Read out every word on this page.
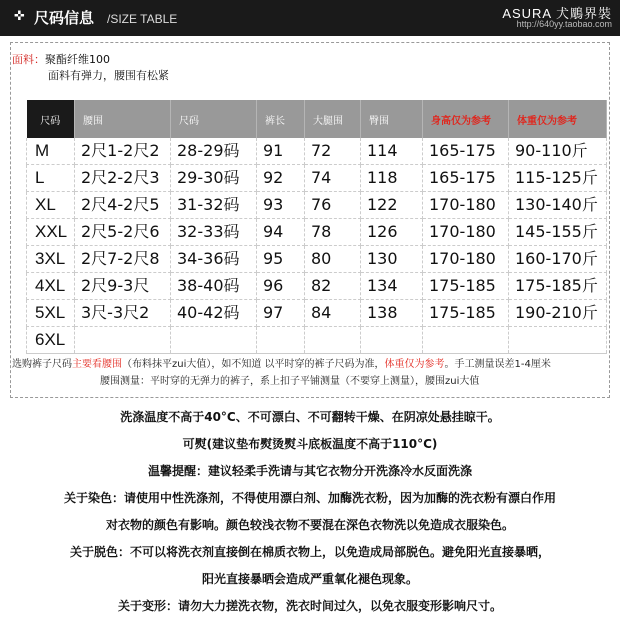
✜ 尺码信息 /SIZE TABLE	ASURA 犬鵰界裝
http://640yy.taobao.com
面料：聚酯纤维100
面料有弹力，腰围有松紧
尺码	腰围	尺码	裤长	大腿围	臀围	身高仅为参考	体重仅为参考
M	2尺1-2尺2	28-29码	91	72	114	165-175	90-110斤
L	2尺2-2尺3	29-30码	92	74	118	165-175	115-125斤
XL	2尺4-2尺5	31-32码	93	76	122	170-180	130-140斤
XXL	2尺5-2尺6	32-33码	94	78	126	170-180	145-155斤
3XL	2尺7-2尺8	34-36码	95	80	130	170-180	160-170斤
4XL	2尺9-3尺	38-40码	96	82	134	175-185	175-185斤
5XL	3尺-3尺2	40-42码	97	84	138	175-185	190-210斤
6XL							
选购裤子尺码主要看腰围（布料抹平zui大值），如不知道 以平时穿的裤子尺码为准，体重仅为参考。手工测量误差1-4厘米
腰围测量：平时穿的无弹力的裤子，系上扣子平铺测量（不要穿上测量），腰围zui大值

洗涤温度不高于40°C、不可漂白、不可翻转干燥、在阴凉处悬挂晾干。

可熨(建议垫布熨烫熨斗底板温度不高于110°C)

温馨提醒：建议轻柔手洗请与其它衣物分开洗涤冷水反面洗涤

关于染色：请使用中性洗涤剂，不得使用漂白剂、加酶洗衣粉，因为加酶的洗衣粉有漂白作用

对衣物的颜色有影响。颜色较浅衣物不要混在深色衣物洗以免造成衣服染色。

关于脱色：不可以将洗衣剂直接倒在棉质衣物上，以免造成局部脱色。避免阳光直接暴晒，

阳光直接暴晒会造成严重氧化褪色现象。

关于变形：请勿大力搓洗衣物，洗衣时间过久，以免衣服变形影响尺寸。
